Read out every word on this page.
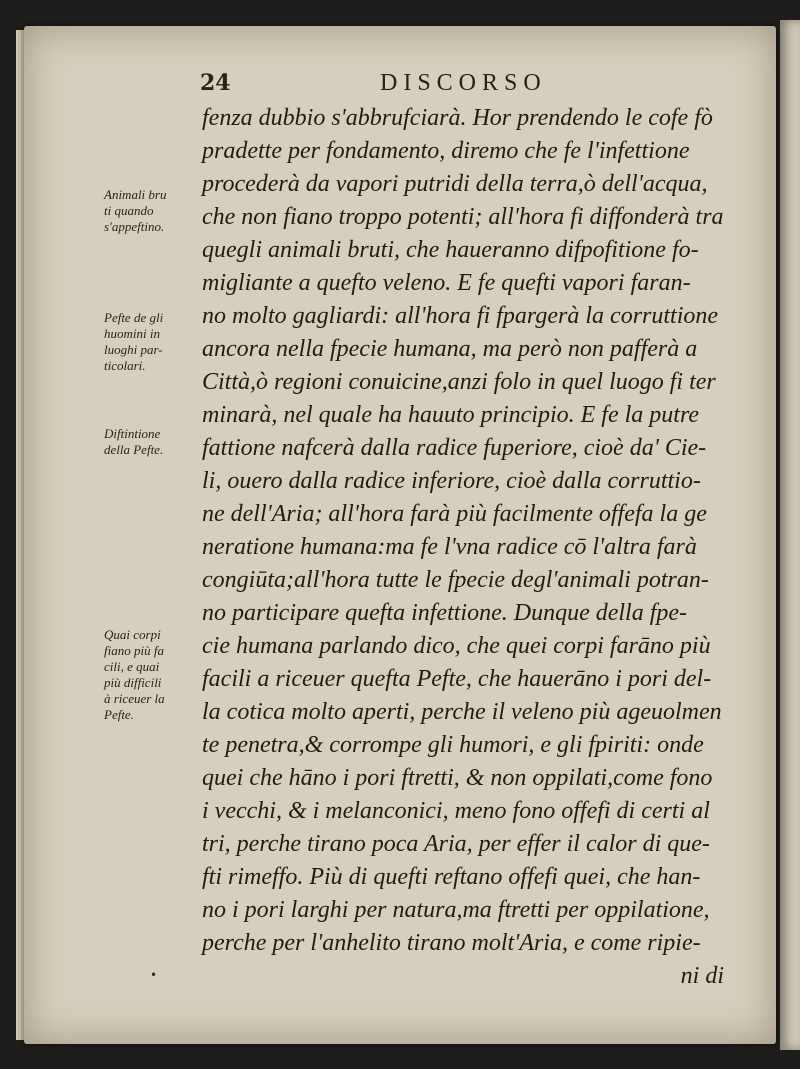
24	DISCORSO
fenza dubbio s'abbrufciarà. Hor prendendo le cofe fò
pradette per fondamento, diremo che fe l'infettione
procederà da vapori putridi della terra,ò dell'acqua,
che non fiano troppo potenti; all'hora fi diffonderà tra
quegli animali bruti, che haueranno difpofitione fo-
migliante a quefto veleno. E fe quefti vapori faran-
no molto gagliardi: all'hora fi fpargerà la corruttione
ancora nella fpecie humana, ma però non pafferà a
Città,ò regioni conuicine,anzi folo in quel luogo fi ter
minarà, nel quale ha hauuto principio. E fe la putre
fattione nafcerà dalla radice fuperiore, cioè da' Cie-
li, ouero dalla radice inferiore, cioè dalla corruttio-
ne dell'Aria; all'hora farà più facilmente offefa la ge
neratione humana:ma fe l'vna radice cō l'altra farà
congiūta;all'hora tutte le fpecie degl'animali potran-
no participare quefta infettione. Dunque della fpe-
cie humana parlando dico, che quei corpi farāno più
facili a riceuer quefta Pefte, che hauerāno i pori del-
la cotica molto aperti, perche il veleno più ageuolmen
te penetra,& corrompe gli humori, e gli fpiriti: onde
quei che hāno i pori ftretti, & non oppilati,come fono
i vecchi, & i melanconici, meno fono offefi di certi al
tri, perche tirano poca Aria, per effer il calor di que-
fti rimeffo. Più di quefti reftano offefi quei, che han-
no i pori larghi per natura,ma ftretti per oppilatione,
perche per l'anhelito tirano molt'Aria, e come ripie-
ni di
Animali bru
ti quando
s'appeftino.
Pefte de gli
huomini in
luoghi par-
ticolari.
Diftintione
della Pefte.
Quai corpi
fiano più fa
cili, e quai
più difficili
à riceuer la
Pefte.
•
